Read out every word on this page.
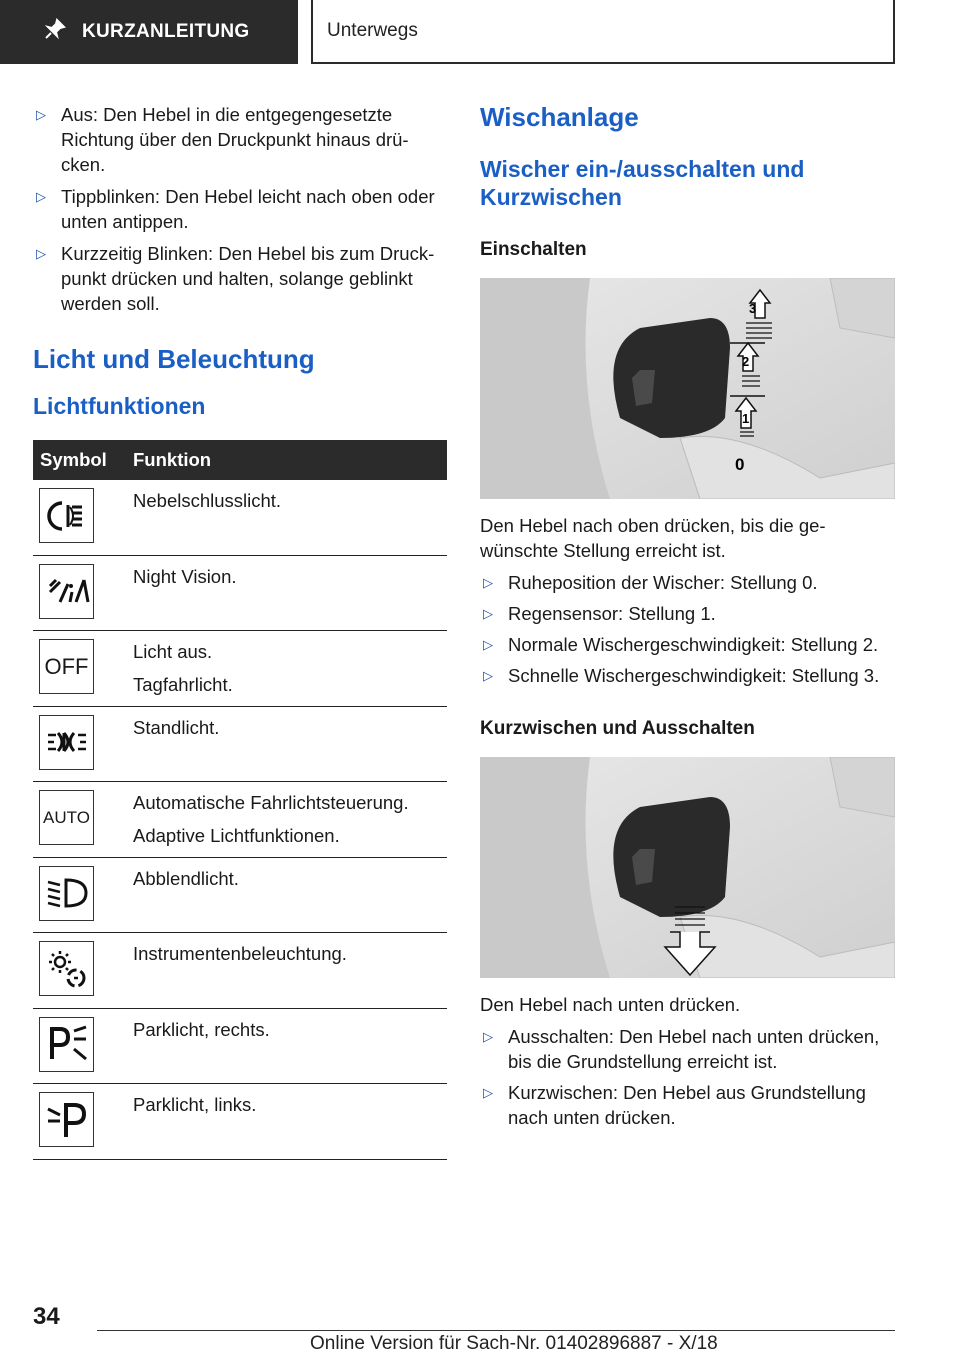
KURZANLEITUNG	Unterwegs
▷ Aus: Den Hebel in die entgegengesetzte Richtung über den Druckpunkt hinaus drü‐cken.
▷ Tippblinken: Den Hebel leicht nach oben oder unten antippen.
▷ Kurzzeitig Blinken: Den Hebel bis zum Druck‐punkt drücken und halten, solange geblinkt werden soll.
Licht und Beleuchtung
Lichtfunktionen
Symbol	Funktion
Nebelschlusslicht.
Night Vision.
OFF
Licht aus.
Tagfahrlicht.
Standlicht.
AUTO
Automatische Fahrlichtsteuerung.
Adaptive Lichtfunktionen.
Abblendlicht.
Instrumentenbeleuchtung.
Parklicht, rechts.
Parklicht, links.
Wischanlage
Wischer ein-/ausschalten und Kurzwischen
Einschalten
3
2
1
0
Den Hebel nach oben drücken, bis die ge‐wünschte Stellung erreicht ist.
▷ Ruheposition der Wischer: Stellung 0.
▷ Regensensor: Stellung 1.
▷ Normale Wischergeschwindigkeit: Stellung 2.
▷ Schnelle Wischergeschwindigkeit: Stellung 3.
Kurzwischen und Ausschalten
Den Hebel nach unten drücken.
▷ Ausschalten: Den Hebel nach unten drücken, bis die Grundstellung erreicht ist.
▷ Kurzwischen: Den Hebel aus Grundstellung nach unten drücken.
34
Online Version für Sach-Nr. 01402896887 - X/18
